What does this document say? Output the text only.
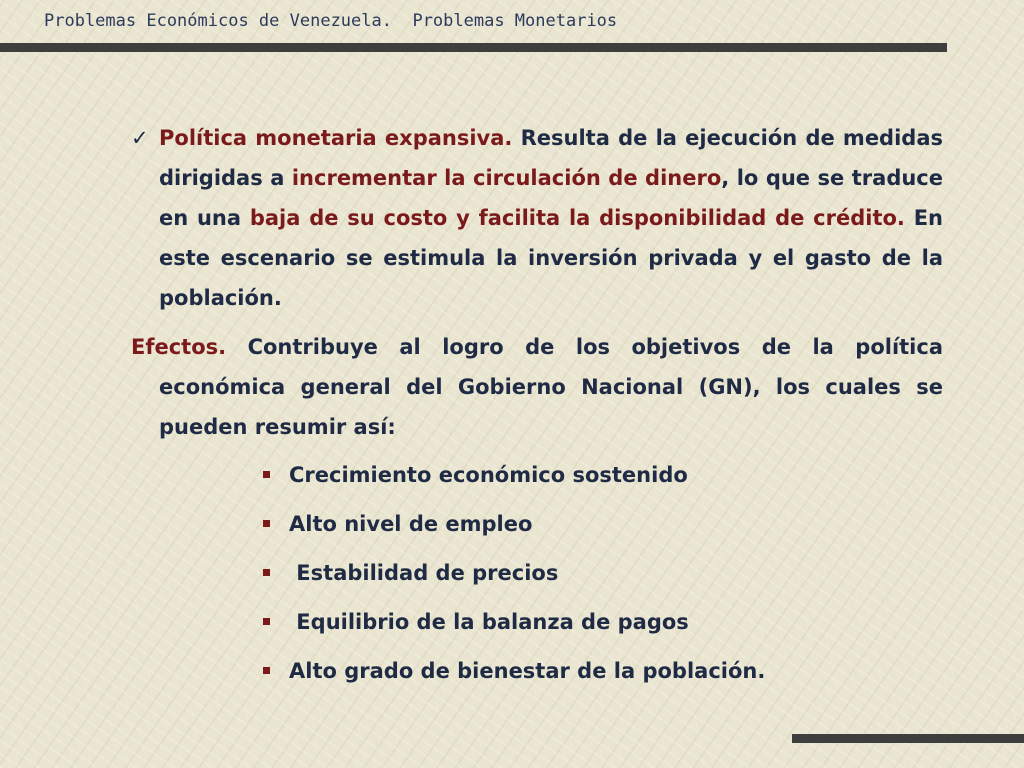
Problemas Económicos de Venezuela.  Problemas Monetarios

✓ Política monetaria expansiva. Resulta de la ejecución de medidas dirigidas a incrementar la circulación de dinero, lo que se traduce en una baja de su costo y facilita la disponibilidad de crédito. En este escenario se estimula la inversión privada y el gasto de la población.

Efectos. Contribuye al logro de los objetivos de la política económica general del Gobierno Nacional (GN), los cuales se pueden resumir así:

Crecimiento económico sostenido
Alto nivel de empleo
Estabilidad de precios
Equilibrio de la balanza de pagos
Alto grado de bienestar de la población.
